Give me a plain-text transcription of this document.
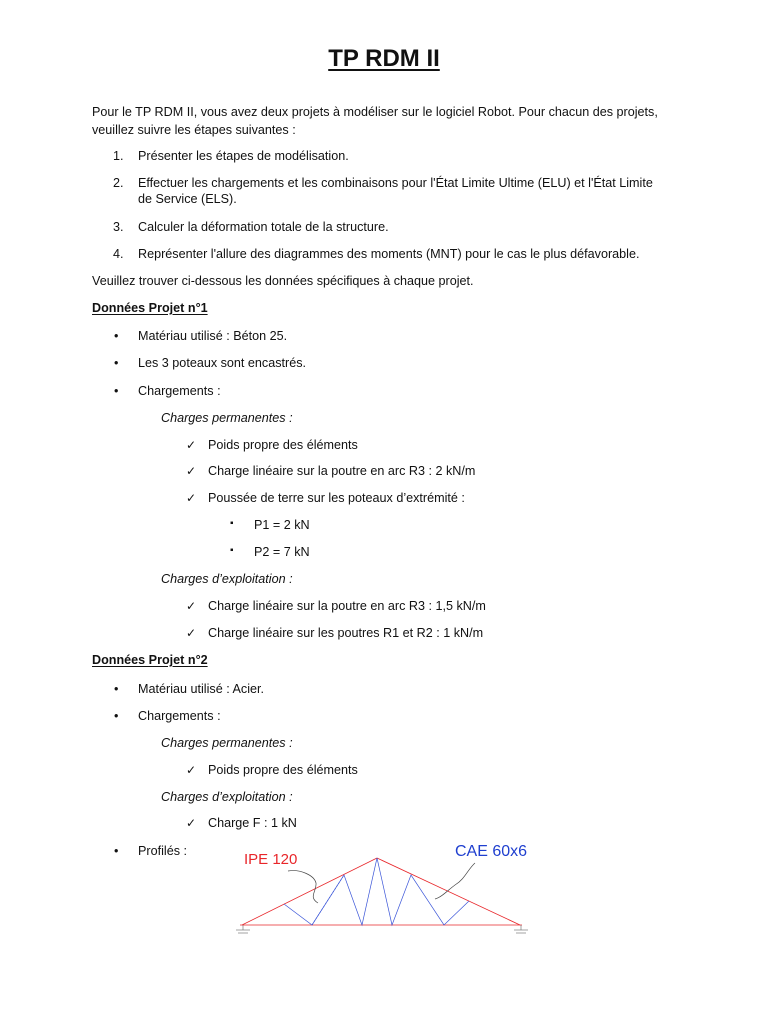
TP RDM II
Pour le TP RDM II, vous avez deux projets à modéliser sur le logiciel Robot. Pour chacun des projets,
veuillez suivre les étapes suivantes :
1. Présenter les étapes de modélisation.
2. Effectuer les chargements et les combinaisons pour l'État Limite Ultime (ELU) et l'État Limite
de Service (ELS).
3. Calculer la déformation totale de la structure.
4. Représenter l'allure des diagrammes des moments (MNT) pour le cas le plus défavorable.
Veuillez trouver ci-dessous les données spécifiques à chaque projet.
Données Projet n°1
• Matériau utilisé : Béton 25.
• Les 3 poteaux sont encastrés.
• Chargements :
Charges permanentes :
✓ Poids propre des éléments
✓ Charge linéaire sur la poutre en arc R3 : 2 kN/m
✓ Poussée de terre sur les poteaux d’extrémité :
▪ P1 = 2 kN
▪ P2 = 7 kN
Charges d’exploitation :
✓ Charge linéaire sur la poutre en arc R3 : 1,5 kN/m
✓ Charge linéaire sur les poutres R1 et R2 : 1 kN/m
Données Projet n°2
• Matériau utilisé : Acier.
• Chargements :
Charges permanentes :
✓ Poids propre des éléments
Charges d’exploitation :
✓ Charge F : 1 kN
• Profilés :	IPE 120	CAE 60x6
